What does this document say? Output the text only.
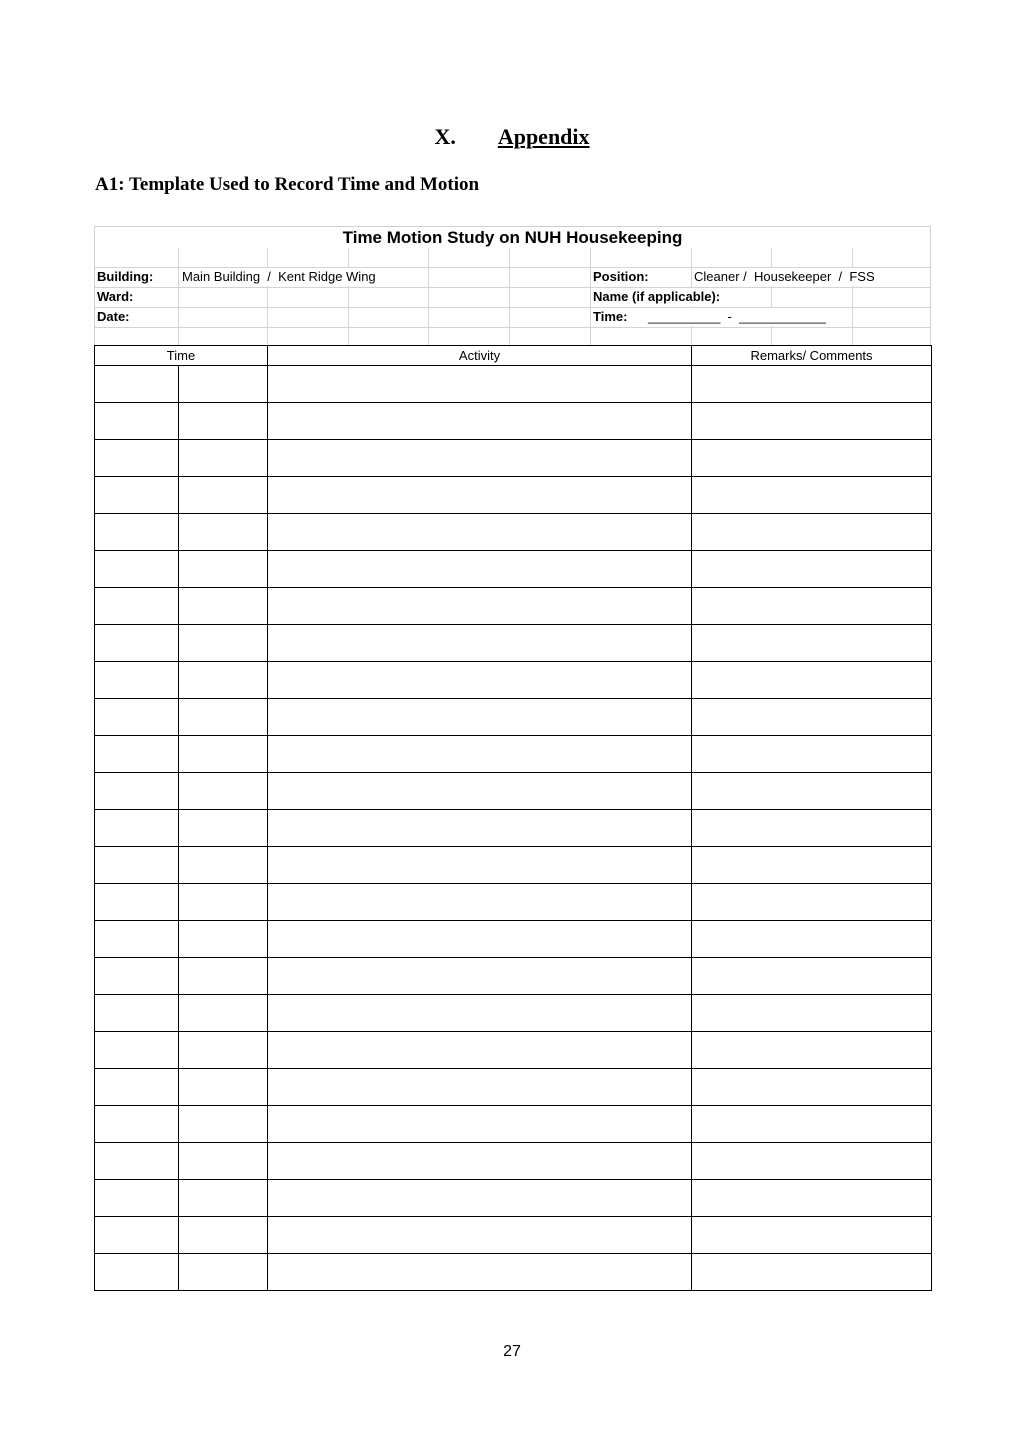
X. Appendix
A1: Template Used to Record Time and Motion
Time Motion Study on NUH Housekeeping
Building: Main Building  /  Kent Ridge Wing	Position:	Cleaner /  Housekeeper  /  FSS
Ward:	Name (if applicable):
Date:	Time: __________  -  ____________
Time		Activity	Remarks/ Comments

27
